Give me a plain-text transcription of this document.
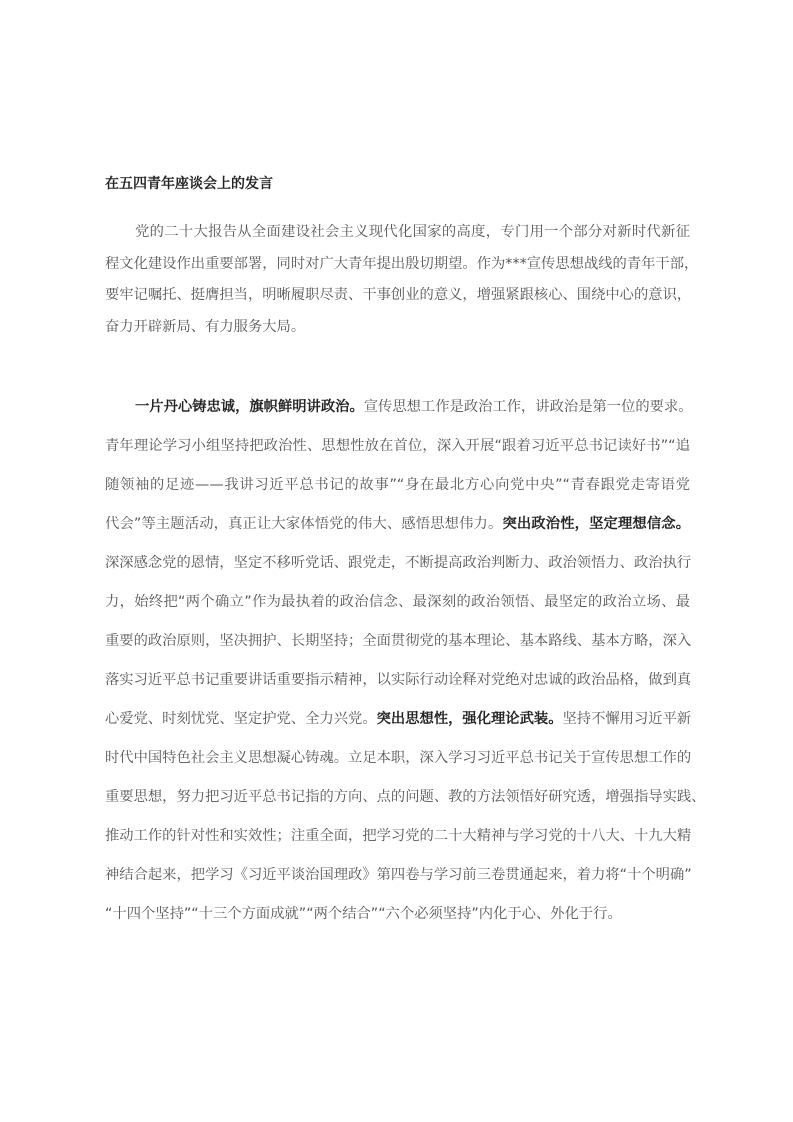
在五四青年座谈会上的发言
党的二十大报告从全面建设社会主义现代化国家的高度，专门用一个部分对新时代新征
程文化建设作出重要部署，同时对广大青年提出殷切期望。作为***宣传思想战线的青年干部，
要牢记嘱托、挺膺担当，明晰履职尽责、干事创业的意义，增强紧跟核心、围绕中心的意识，
奋力开辟新局、有力服务大局。
一片丹心铸忠诚，旗帜鲜明讲政治。宣传思想工作是政治工作，讲政治是第一位的要求。
青年理论学习小组坚持把政治性、思想性放在首位，深入开展“跟着习近平总书记读好书”“追
随领袖的足迹——我讲习近平总书记的故事”“身在最北方心向党中央”“青春跟党走寄语党
代会”等主题活动，真正让大家体悟党的伟大、感悟思想伟力。突出政治性，坚定理想信念。
深深感念党的恩情，坚定不移听党话、跟党走，不断提高政治判断力、政治领悟力、政治执行
力，始终把“两个确立”作为最执着的政治信念、最深刻的政治领悟、最坚定的政治立场、最
重要的政治原则，坚决拥护、长期坚持；全面贯彻党的基本理论、基本路线、基本方略，深入
落实习近平总书记重要讲话重要指示精神，以实际行动诠释对党绝对忠诚的政治品格，做到真
心爱党、时刻忧党、坚定护党、全力兴党。突出思想性，强化理论武装。坚持不懈用习近平新
时代中国特色社会主义思想凝心铸魂。立足本职，深入学习习近平总书记关于宣传思想工作的
重要思想，努力把习近平总书记指的方向、点的问题、教的方法领悟好研究透，增强指导实践、
推动工作的针对性和实效性；注重全面，把学习党的二十大精神与学习党的十八大、十九大精
神结合起来，把学习《习近平谈治国理政》第四卷与学习前三卷贯通起来，着力将“十个明确”
“十四个坚持”“十三个方面成就”“两个结合”“六个必须坚持”内化于心、外化于行。
